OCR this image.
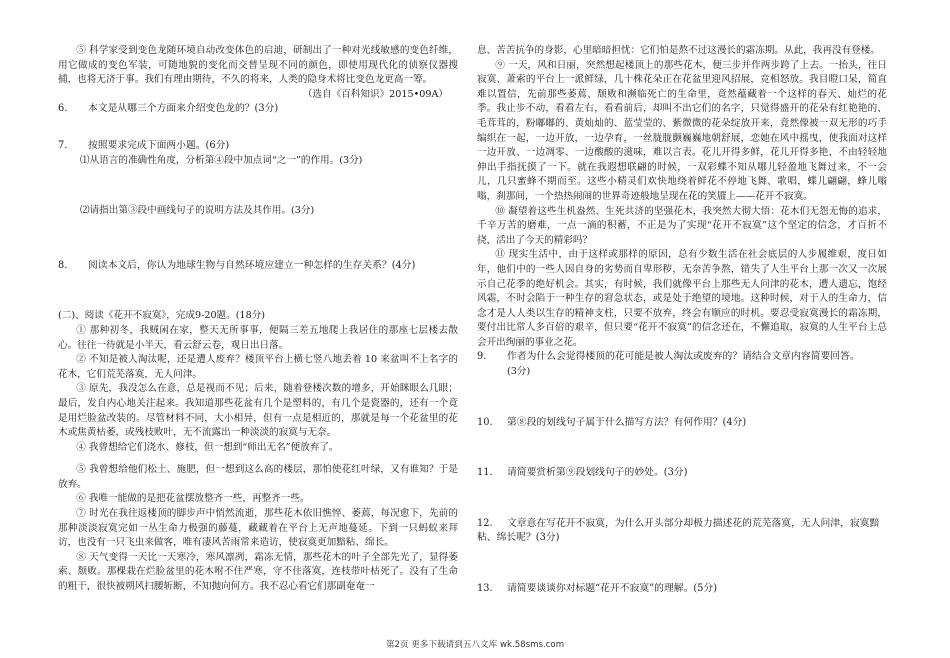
⑤ 科学家受到变色龙随环境自动改变体色的启迪，研制出了一种对光线敏感的变色纤维，用它做成的变色军装，可随地貌的变化而交替呈现不同的颜色，即使用现代化的侦察仪器搜捕，也将无济于事。我们有理由期待，不久的将来，人类的隐身术将比变色龙更高一筹。

（选自《百科知识》2015•09A）

6. 本文是从哪三个方面来介绍变色龙的？(3分)

7. 按照要求完成下面两小题。(6分)

⑴从语言的准确性角度，分析第④段中加点词“之一”的作用。(3分)

⑵请指出第③段中画线句子的说明方法及其作用。(3分)

8. 阅读本文后，你认为地球生物与自然环境应建立一种怎样的生存关系？(4分)

(二)、阅读《花开不寂寞》，完成9-20题。(18分)

① 那种初冬，我贼闲在家，整天无所事事，便隔三差五地爬上我居住的那座七层楼去散心。往往一待就是小半天，看云舒云卷，观日出日落。

② 不知是被人淘汰呢，还是遭人废弃？楼顶平台上横七竖八地丢着 10 来盆叫不上名字的花木，它们荒芜落寞，无人问津。

③ 原先，我没怎么在意，总是视而不见；后来，随着登楼次数的增多，开始眯眼么几眼；最后，发自内心地关注起来。我知道那些花盆有几个是塑料的，有几个是瓷器的，还有一个竟是用烂脸盆改装的。尽管材料不同，大小相异，但有一点是相近的，那就是每一个花盆里的花木或焦黄枯萎，或残枝败叶，无不流露出一种淡淡的寂寞与无奈。

④ 我曾想给它们浇水、修枝，但一想到“师出无名”便放弃了。

⑤ 我曾想给他们松土、施肥，但一想到这么高的楼层，那怕使花红叶绿，又有谁知？于是放弃。

⑥ 我唯一能做的是把花盆摆放整齐一些，再整齐一些。

⑦ 时光在我往返楼顶的脚步声中悄然流逝，那些花木依旧憔悴、萎蔫，每况愈下，先前的那种淡淡寂寞完如一丛生命力极强的藤蔓，藏藏着在平台上无声地蔓延。下到一只蚂蚁来拜访，也没有一只飞虫来做客，唯有凄风苦雨常来造访，使寂寞更加黯粘、绵长。

⑧ 天气变得一天比一天寒冷，寒风凛冽，霜冻无情，那些花木的叶子全部先光了，显得萎索、颓败。那棵栽在烂脸盆里的花木咐不住严寒，守不住落寞，连枝带叶枯死了。没有了生命的粗干，很快被朔风扫腰斩断，不知抛向何方。我不忍心看它们那副奄奄一

息、苦苦抗争的身影，心里暗暗担忧：它们怕是熬不过这漫长的霜冻期。从此，我再没有登楼。

⑨ 一天，风和日丽，突然想起楼顶上的那些花木，便三步并作两步跨了上去。一抬头，往日寂寞、萧索的平台上一派鲜绿，几十株花朵正在花盆里迎风招展，竞相怒放。我目瞪口呆，简直难以置信，先前那些萎蔫、颓败和濒临死亡的生命里，竟然蕴藏着一个这样的春天、灿烂的花季。我止步不动，看看左右，看看前后，却叫不出它们的名字，只觉得盛开的花朵有红艳艳的、毛茸茸的，粉嘟嘟的、黄灿灿的、蓝莹莹的、紫微微的花朵绽放开来，竟然像被一双无形的巧手编织在一起，一边开放，一边孕育，一丝胧胧颤巍巍地朝舒展，恋她在风中摇曳，使我面对这样一边开放、一边凋零、一边酸酸的滋味，难以言表。花儿开得多鲜，花儿开得多艳，不由轻轻地伸出手指抚摸了一下。就在我遐想联翩的时候，一双彩蝶不知从哪儿轻盈地飞舞过来，不一会儿，几只蜜蜂不期而至。这些小精灵们欢快地绕着鲜花不停地飞舞、歌唱，蝶儿翩翩，蜂儿嗡嗡，刹那间，一个热热闹闹的世界奇迹般地呈现在花的笑靥上——花开不寂寞。

⑩ 凝望着这些生机盎然、生死共济的坚强花木，我突然大彻大悟：花木们无怨无悔的追求，千辛万苦的磨难，一点一滴的积蓄，不正是为了实现“花开不寂寞”这个坚定的信念，才百折不挠，活出了今天的精彩吗？

⑪ 现实生活中，由于这样或那样的原因，总有少数生活在社会底层的人步履维艰，度日如年，他们中的一些人因自身的劣势而自卑形秽，无奈苦争熬，错失了人生平台上那一次又一次展示自己花季的绝好机会。其实，有时候，我们就像平台上那些无人问津的花木，遭人遗忘，饱经风霜，不时会陷于一种生存的窘急状态，或是处于绝望的境地。这种时候，对于人的生命力，信念才是人人类以生存的精神支柱，只要不放弃，终会有顺应的时机。要忍受寂寞漫长的霜冻期，要付出比常人多百倍的艰辛，但只要“花开不寂寞”的信念还在，不懈追取，寂寞的人生平台上总会开出绚丽的事业之花。

9. 作者为什么会觉得楼顶的花可能是被人淘汰或废弃的？请结合文章内容简要回答。

(3分)

10. 第⑧段的划线句子属于什么描写方法？有何作用？(4分)

11. 请简要赏析第⑨段划线句子的妙处。(3分)

12. 文章意在写花开不寂寞，为什么开头部分却极力描述花的荒芜落寞，无人问津，寂寞黯粘、绵长呢？(3分)

13. 请简要谈谈你对标题“花开不寂寞”的理解。(5分)

第2页 更多下载请到五八文库 wk.58sms.com
